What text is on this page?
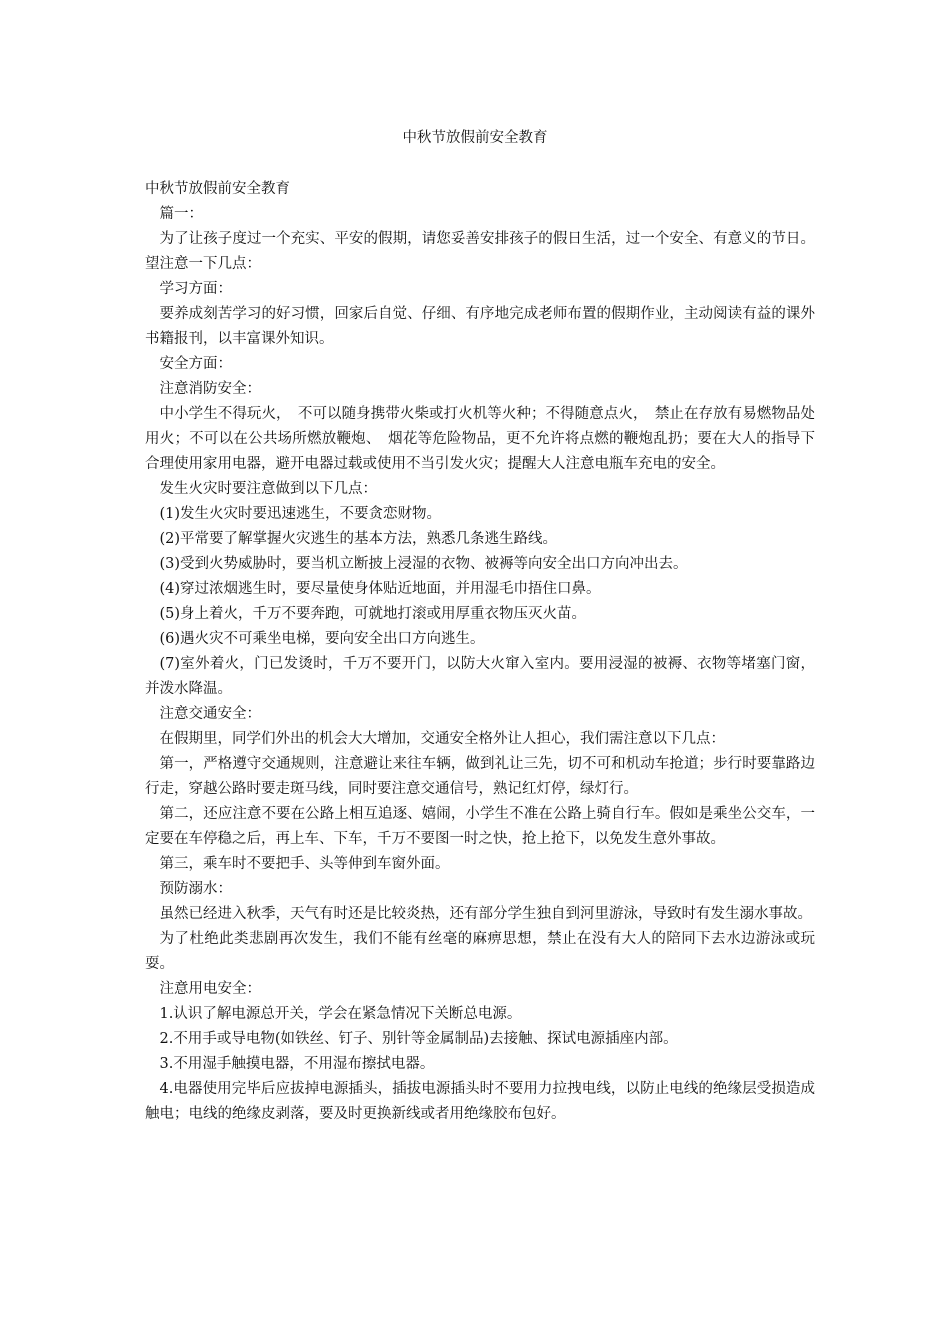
中秋节放假前安全教育

中秋节放假前安全教育

篇一：

为了让孩子度过一个充实、平安的假期，请您妥善安排孩子的假日生活，过一个安全、有意义的节日。望注意一下几点：

学习方面：

要养成刻苦学习的好习惯，回家后自觉、仔细、有序地完成老师布置的假期作业，主动阅读有益的课外书籍报刊，以丰富课外知识。

安全方面：

注意消防安全：

中小学生不得玩火，　不可以随身携带火柴或打火机等火种；不得随意点火，　禁止在存放有易燃物品处用火；不可以在公共场所燃放鞭炮、　烟花等危险物品，更不允许将点燃的鞭炮乱扔；要在大人的指导下合理使用家用电器，避开电器过载或使用不当引发火灾；提醒大人注意电瓶车充电的安全。

发生火灾时要注意做到以下几点：

(1)发生火灾时要迅速逃生，不要贪恋财物。

(2)平常要了解掌握火灾逃生的基本方法，熟悉几条逃生路线。

(3)受到火势威胁时，要当机立断披上浸湿的衣物、被褥等向安全出口方向冲出去。

(4)穿过浓烟逃生时，要尽量使身体贴近地面，并用湿毛巾捂住口鼻。

(5)身上着火，千万不要奔跑，可就地打滚或用厚重衣物压灭火苗。

(6)遇火灾不可乘坐电梯，要向安全出口方向逃生。

(7)室外着火，门已发烫时，千万不要开门，以防大火窜入室内。要用浸湿的被褥、衣物等堵塞门窗，并泼水降温。

注意交通安全：

在假期里，同学们外出的机会大大增加，交通安全格外让人担心，我们需注意以下几点：

第一，严格遵守交通规则，注意避让来往车辆，做到礼让三先，切不可和机动车抢道；步行时要靠路边行走，穿越公路时要走斑马线，同时要注意交通信号，熟记红灯停，绿灯行。

第二，还应注意不要在公路上相互追逐、嬉闹，小学生不准在公路上骑自行车。假如是乘坐公交车，一定要在车停稳之后，再上车、下车，千万不要图一时之快，抢上抢下，以免发生意外事故。

第三，乘车时不要把手、头等伸到车窗外面。

预防溺水：

虽然已经进入秋季，天气有时还是比较炎热，还有部分学生独自到河里游泳，导致时有发生溺水事故。

为了杜绝此类悲剧再次发生，我们不能有丝毫的麻痹思想，禁止在没有大人的陪同下去水边游泳或玩耍。

注意用电安全：

1.认识了解电源总开关，学会在紧急情况下关断总电源。

2.不用手或导电物(如铁丝、钉子、别针等金属制品)去接触、探试电源插座内部。

3.不用湿手触摸电器，不用湿布擦拭电器。

4.电器使用完毕后应拔掉电源插头，插拔电源插头时不要用力拉拽电线，以防止电线的绝缘层受损造成触电；电线的绝缘皮剥落，要及时更换新线或者用绝缘胶布包好。
